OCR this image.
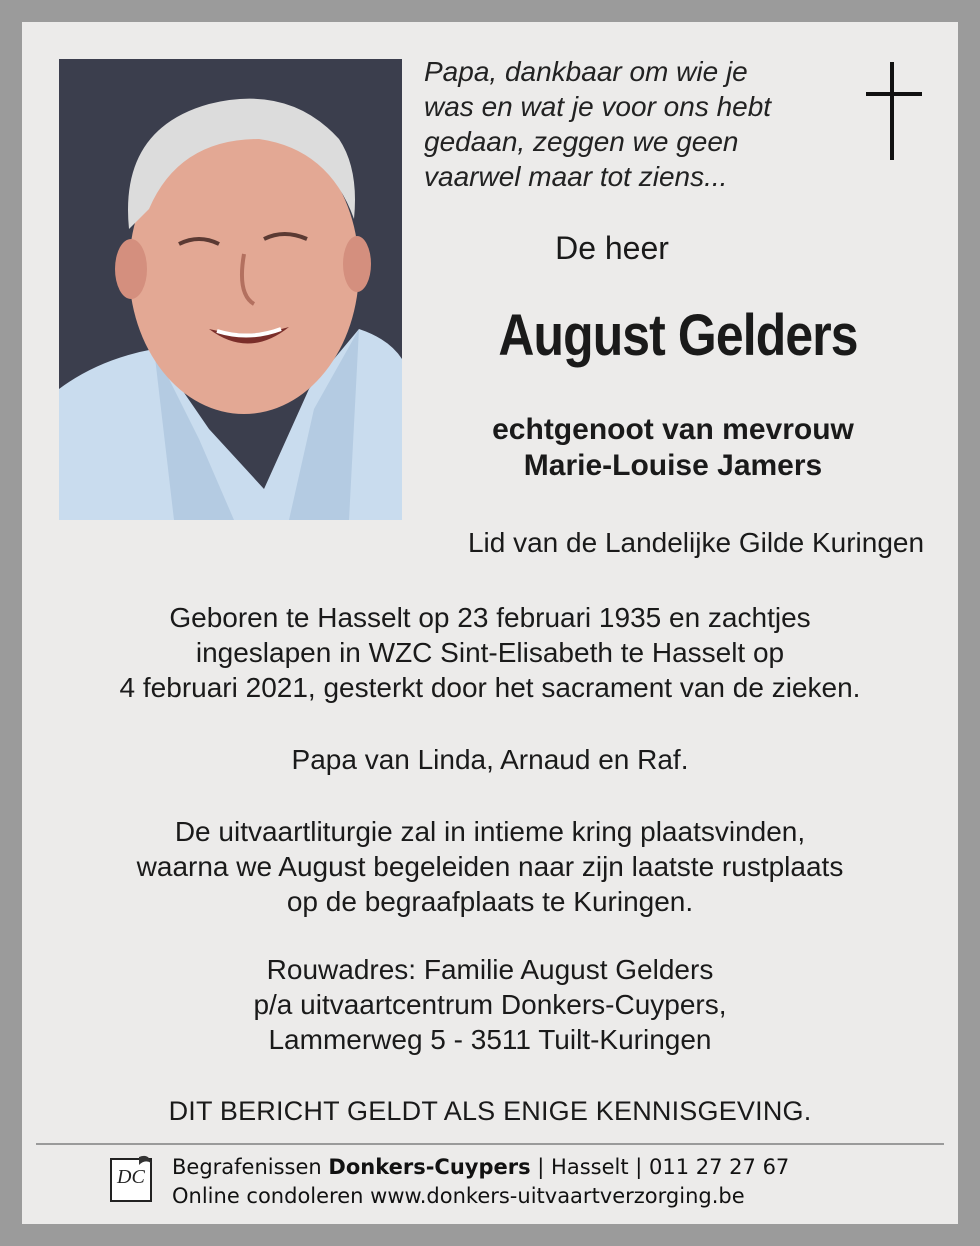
Papa, dankbaar om wie je
was en wat je voor ons hebt
gedaan, zeggen we geen
vaarwel maar tot ziens...
De heer
August Gelders
echtgenoot van mevrouw
Marie-Louise Jamers
Lid van de Landelijke Gilde Kuringen
Geboren te Hasselt op 23 februari 1935 en zachtjes
ingeslapen in WZC Sint-Elisabeth te Hasselt op
4 februari 2021, gesterkt door het sacrament van de zieken.
Papa van Linda, Arnaud en Raf.
De uitvaartliturgie zal in intieme kring plaatsvinden,
waarna we August begeleiden naar zijn laatste rustplaats
op de begraafplaats te Kuringen.
Rouwadres: Familie August Gelders
p/a uitvaartcentrum Donkers-Cuypers,
Lammerweg 5 - 3511 Tuilt-Kuringen
DIT BERICHT GELDT ALS ENIGE KENNISGEVING.
DC Begrafenissen Donkers-Cuypers | Hasselt | 011 27 27 67
Online condoleren www.donkers-uitvaartverzorging.be
